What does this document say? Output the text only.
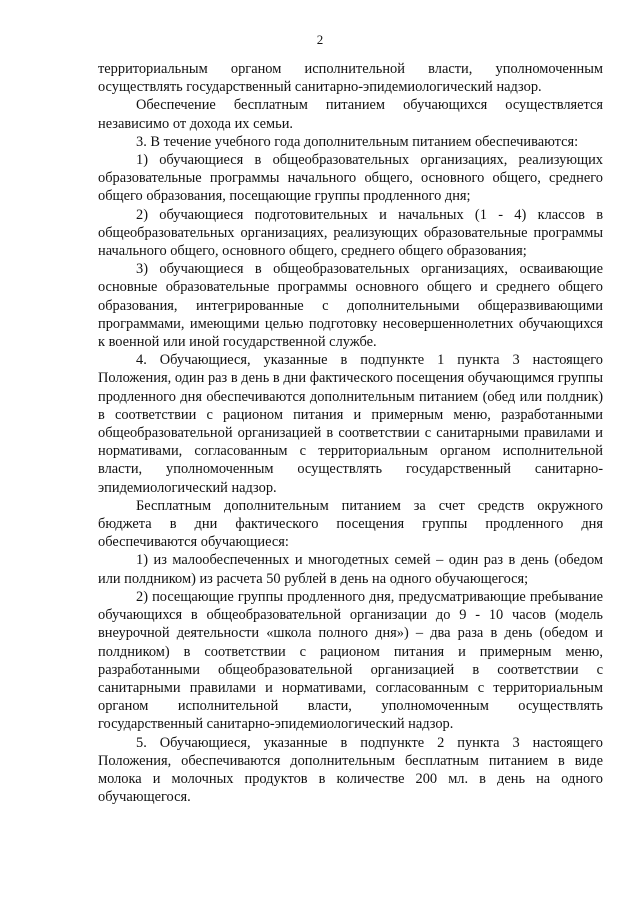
2

территориальным органом исполнительной власти, уполномоченным осуществлять государственный санитарно-эпидемиологический надзор.

Обеспечение бесплатным питанием обучающихся осуществляется независимо от дохода их семьи.

3. В течение учебного года дополнительным питанием обеспечиваются:

1) обучающиеся в общеобразовательных организациях, реализующих образовательные программы начального общего, основного общего, среднего общего образования, посещающие группы продленного дня;

2) обучающиеся подготовительных и начальных (1 - 4) классов в общеобразовательных организациях, реализующих образовательные программы начального общего, основного общего, среднего общего образования;

3) обучающиеся в общеобразовательных организациях, осваивающие основные образовательные программы основного общего и среднего общего образования, интегрированные с дополнительными общеразвивающими программами, имеющими целью подготовку несовершеннолетних обучающихся к военной или иной государственной службе.

4. Обучающиеся, указанные в подпункте 1 пункта 3 настоящего Положения, один раз в день в дни фактического посещения обучающимся группы продленного дня обеспечиваются дополнительным питанием (обед или полдник) в соответствии с рационом питания и примерным меню, разработанными общеобразовательной организацией в соответствии с санитарными правилами и нормативами, согласованным с территориальным органом исполнительной власти, уполномоченным осуществлять государственный санитарно-эпидемиологический надзор.

Бесплатным дополнительным питанием за счет средств окружного бюджета в дни фактического посещения группы продленного дня обеспечиваются обучающиеся:

1) из малообеспеченных и многодетных семей – один раз в день (обедом или полдником) из расчета 50 рублей в день на одного обучающегося;

2) посещающие группы продленного дня, предусматривающие пребывание обучающихся в общеобразовательной организации до 9 - 10 часов (модель внеурочной деятельности «школа полного дня») – два раза в день (обедом и полдником) в соответствии с рационом питания и примерным меню, разработанными общеобразовательной организацией в соответствии с санитарными правилами и нормативами, согласованным с территориальным органом исполнительной власти, уполномоченным осуществлять государственный санитарно-эпидемиологический надзор.

5. Обучающиеся, указанные в подпункте 2 пункта 3 настоящего Положения, обеспечиваются дополнительным бесплатным питанием в виде молока и молочных продуктов в количестве 200 мл. в день на одного обучающегося.
